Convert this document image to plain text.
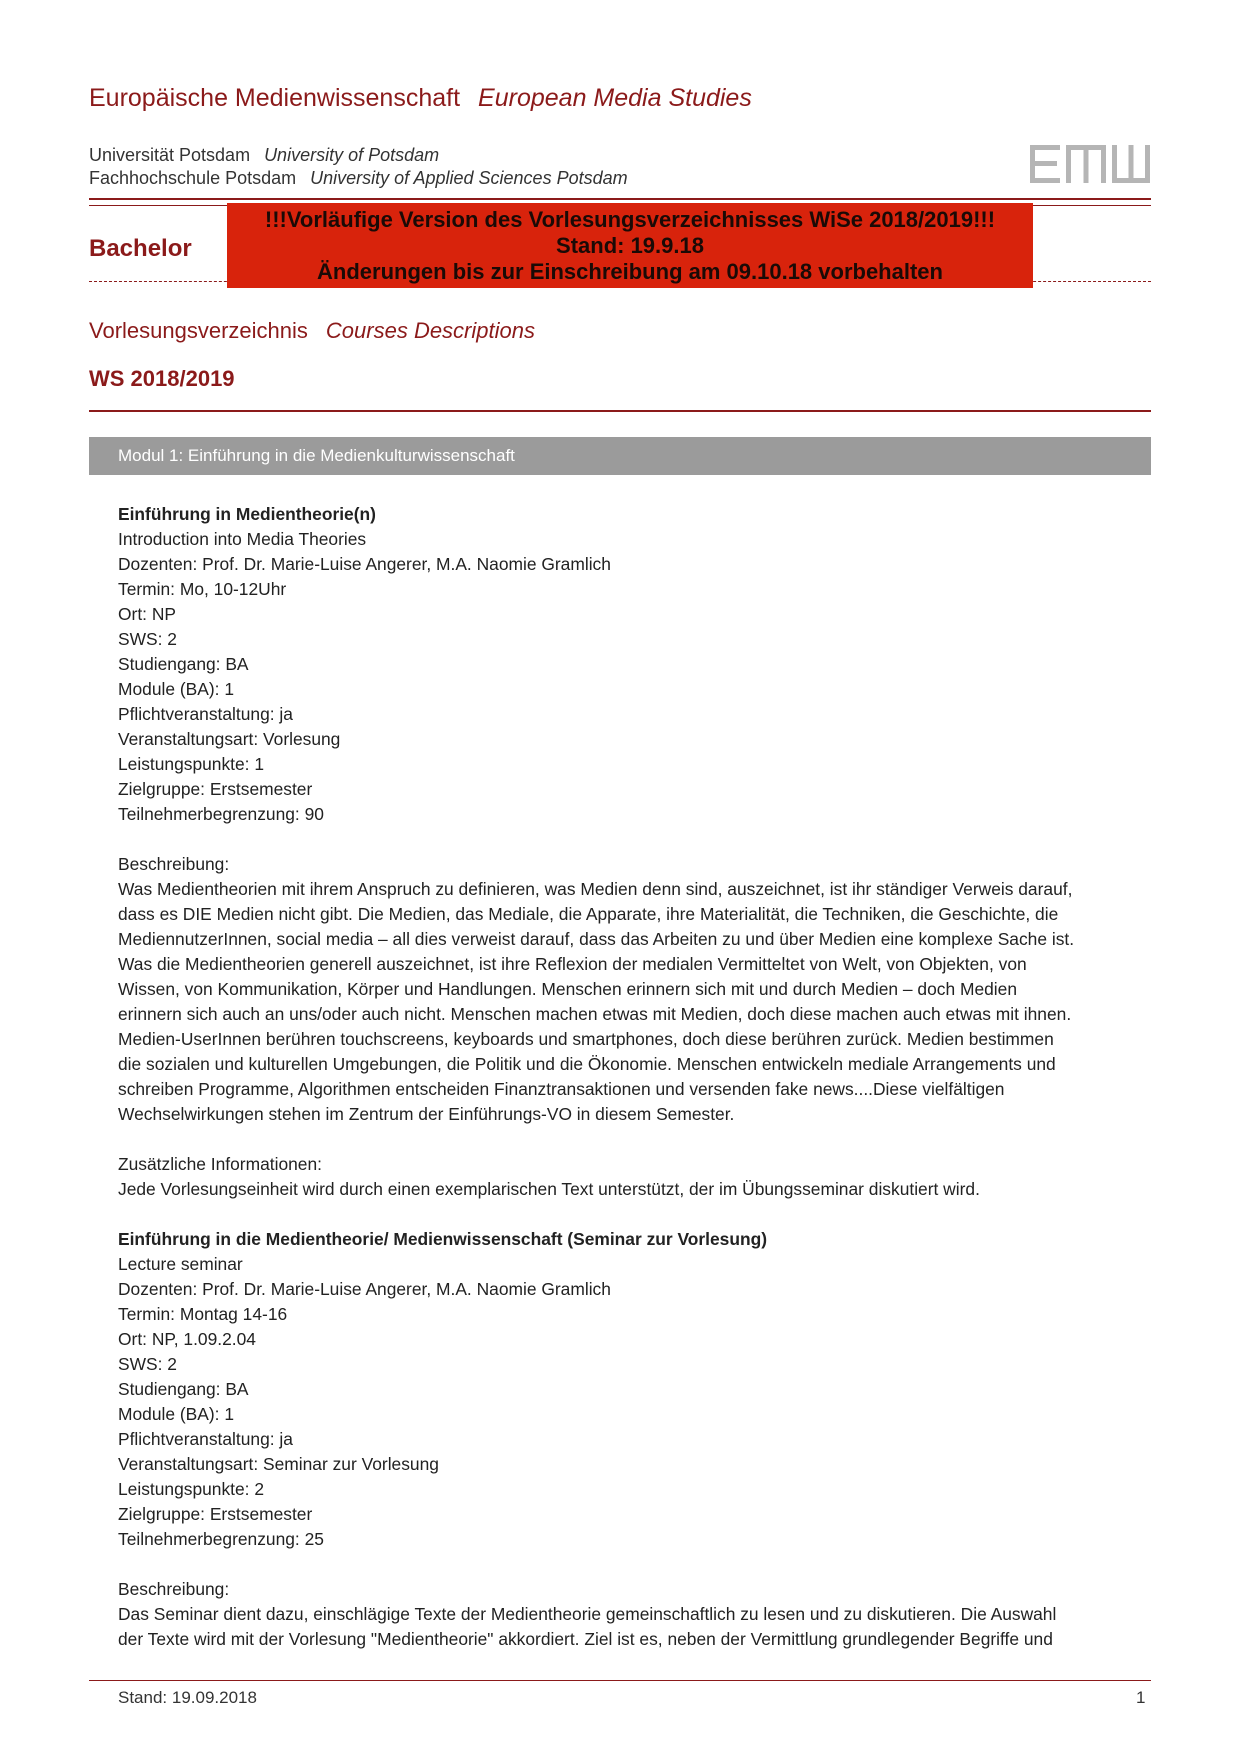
Europäische Medienwissenschaft European Media Studies
Universität Potsdam University of Potsdam
Fachhochschule Potsdam University of Applied Sciences Potsdam
Bachelor
!!!Vorläufige Version des Vorlesungsverzeichnisses WiSe 2018/2019!!!
Stand: 19.9.18
Änderungen bis zur Einschreibung am 09.10.18 vorbehalten
Vorlesungsverzeichnis Courses Descriptions
WS 2018/2019
Modul 1: Einführung in die Medienkulturwissenschaft
Einführung in Medientheorie(n)
Introduction into Media Theories
Dozenten: Prof. Dr. Marie-Luise Angerer, M.A. Naomie Gramlich
Termin: Mo, 10-12Uhr
Ort: NP
SWS: 2
Studiengang: BA
Module (BA): 1
Pflichtveranstaltung: ja
Veranstaltungsart: Vorlesung
Leistungspunkte: 1
Zielgruppe: Erstsemester
Teilnehmerbegrenzung: 90
Beschreibung:
Was Medientheorien mit ihrem Anspruch zu definieren, was Medien denn sind, auszeichnet, ist ihr ständiger Verweis darauf,
dass es DIE Medien nicht gibt. Die Medien, das Mediale, die Apparate, ihre Materialität, die Techniken, die Geschichte, die
MediennutzerInnen, social media – all dies verweist darauf, dass das Arbeiten zu und über Medien eine komplexe Sache ist.
Was die Medientheorien generell auszeichnet, ist ihre Reflexion der medialen Vermitteltet von Welt, von Objekten, von
Wissen, von Kommunikation, Körper und Handlungen. Menschen erinnern sich mit und durch Medien – doch Medien
erinnern sich auch an uns/oder auch nicht. Menschen machen etwas mit Medien, doch diese machen auch etwas mit ihnen.
Medien-UserInnen berühren touchscreens, keyboards und smartphones, doch diese berühren zurück. Medien bestimmen
die sozialen und kulturellen Umgebungen, die Politik und die Ökonomie. Menschen entwickeln mediale Arrangements und
schreiben Programme, Algorithmen entscheiden Finanztransaktionen und versenden fake news....Diese vielfältigen
Wechselwirkungen stehen im Zentrum der Einführungs-VO in diesem Semester.
Zusätzliche Informationen:
Jede Vorlesungseinheit wird durch einen exemplarischen Text unterstützt, der im Übungsseminar diskutiert wird.
Einführung in die Medientheorie/ Medienwissenschaft (Seminar zur Vorlesung)
Lecture seminar
Dozenten: Prof. Dr. Marie-Luise Angerer, M.A. Naomie Gramlich
Termin: Montag 14-16
Ort: NP, 1.09.2.04
SWS: 2
Studiengang: BA
Module (BA): 1
Pflichtveranstaltung: ja
Veranstaltungsart: Seminar zur Vorlesung
Leistungspunkte: 2
Zielgruppe: Erstsemester
Teilnehmerbegrenzung: 25
Beschreibung:
Das Seminar dient dazu, einschlägige Texte der Medientheorie gemeinschaftlich zu lesen und zu diskutieren. Die Auswahl
der Texte wird mit der Vorlesung "Medientheorie" akkordiert. Ziel ist es, neben der Vermittlung grundlegender Begriffe und
Stand: 19.09.2018	1
